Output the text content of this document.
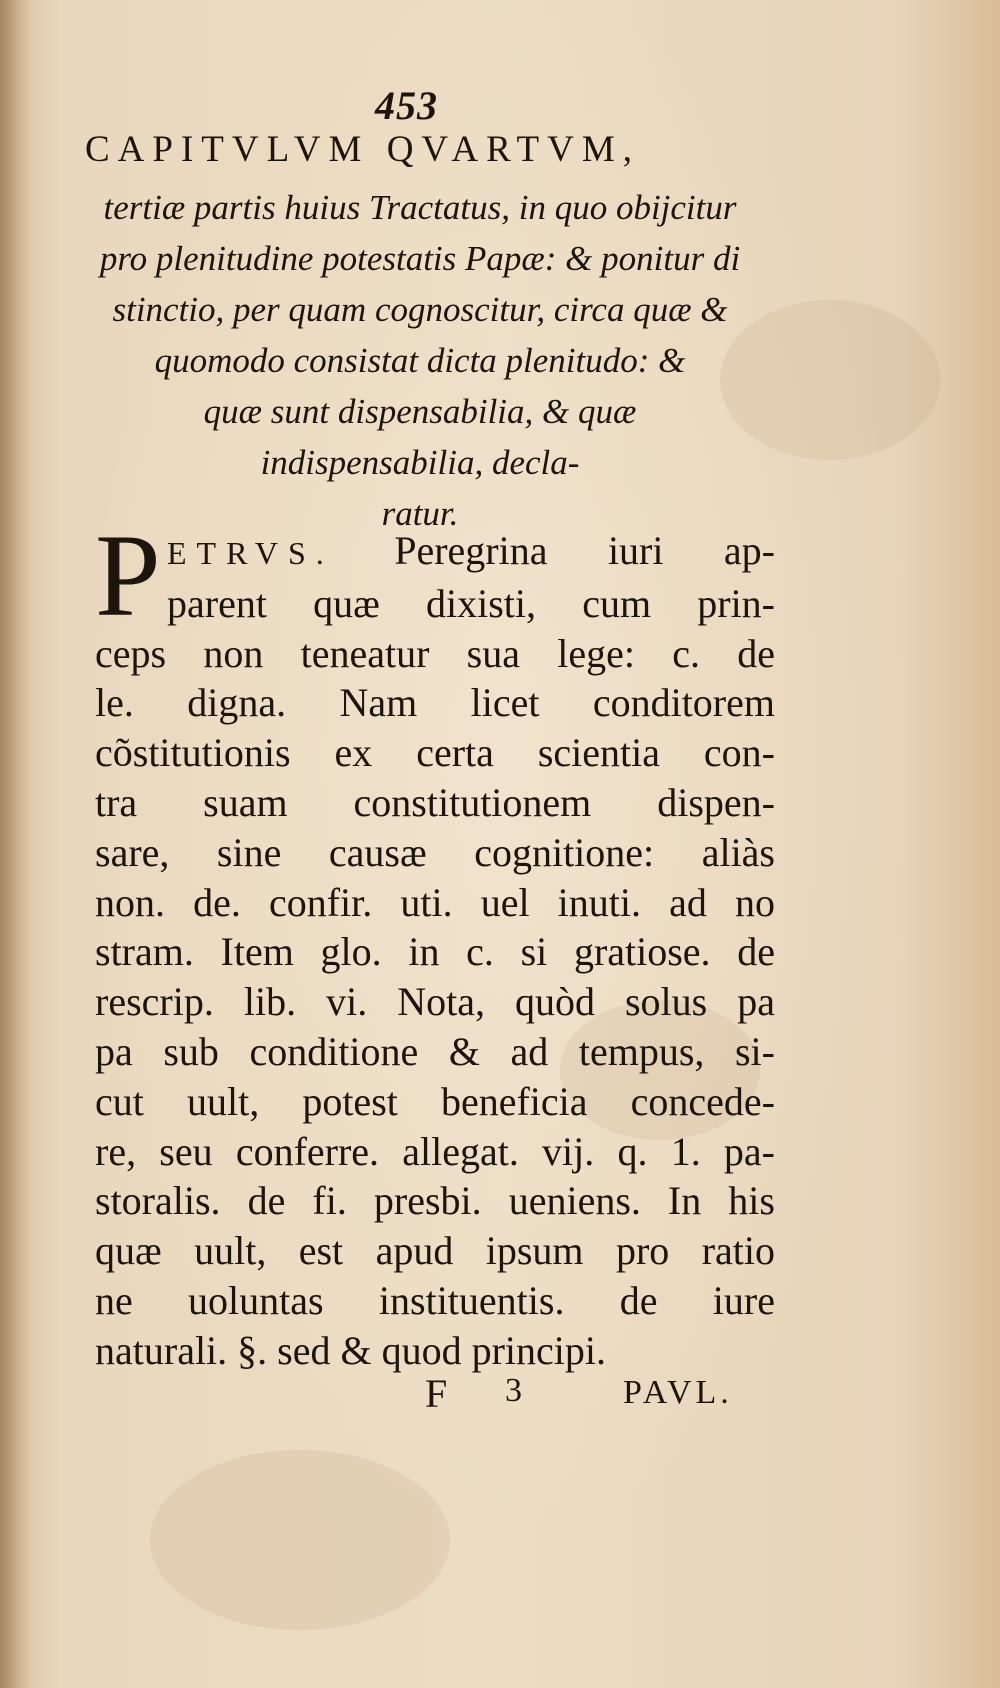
453
CAPITVLVM QVARTVM,
tertiæ partis huius Tractatus, in quo obijcitur
pro plenitudine potestatis Papæ: & ponitur di
stinctio, per quam cognoscitur, circa quæ &
quomodo consistat dicta plenitudo: &
quæ sunt dispensabilia, & quæ
indispensabilia, decla-
ratur.
P ETRVS. Peregrina iuri ap-
parent quæ dixisti, cum prin-
ceps non teneatur sua lege: c. de
le. digna. Nam licet conditorem
cõstitutionis ex certa scientia con-
tra suam constitutionem dispen-
sare, sine causæ cognitione: aliàs
non. de. confir. uti. uel inuti. ad no
stram. Item glo. in c. si gratiose. de
rescrip. lib. vi. Nota, quòd solus pa
pa sub conditione & ad tempus, si-
cut uult, potest beneficia concede-
re, seu conferre. allegat. vij. q. 1. pa-
storalis. de fi. presbi. ueniens. In his
quæ uult, est apud ipsum pro ratio
ne uoluntas instituentis. de iure
naturali. §. sed & quod principi.
F 3	PAVL.
